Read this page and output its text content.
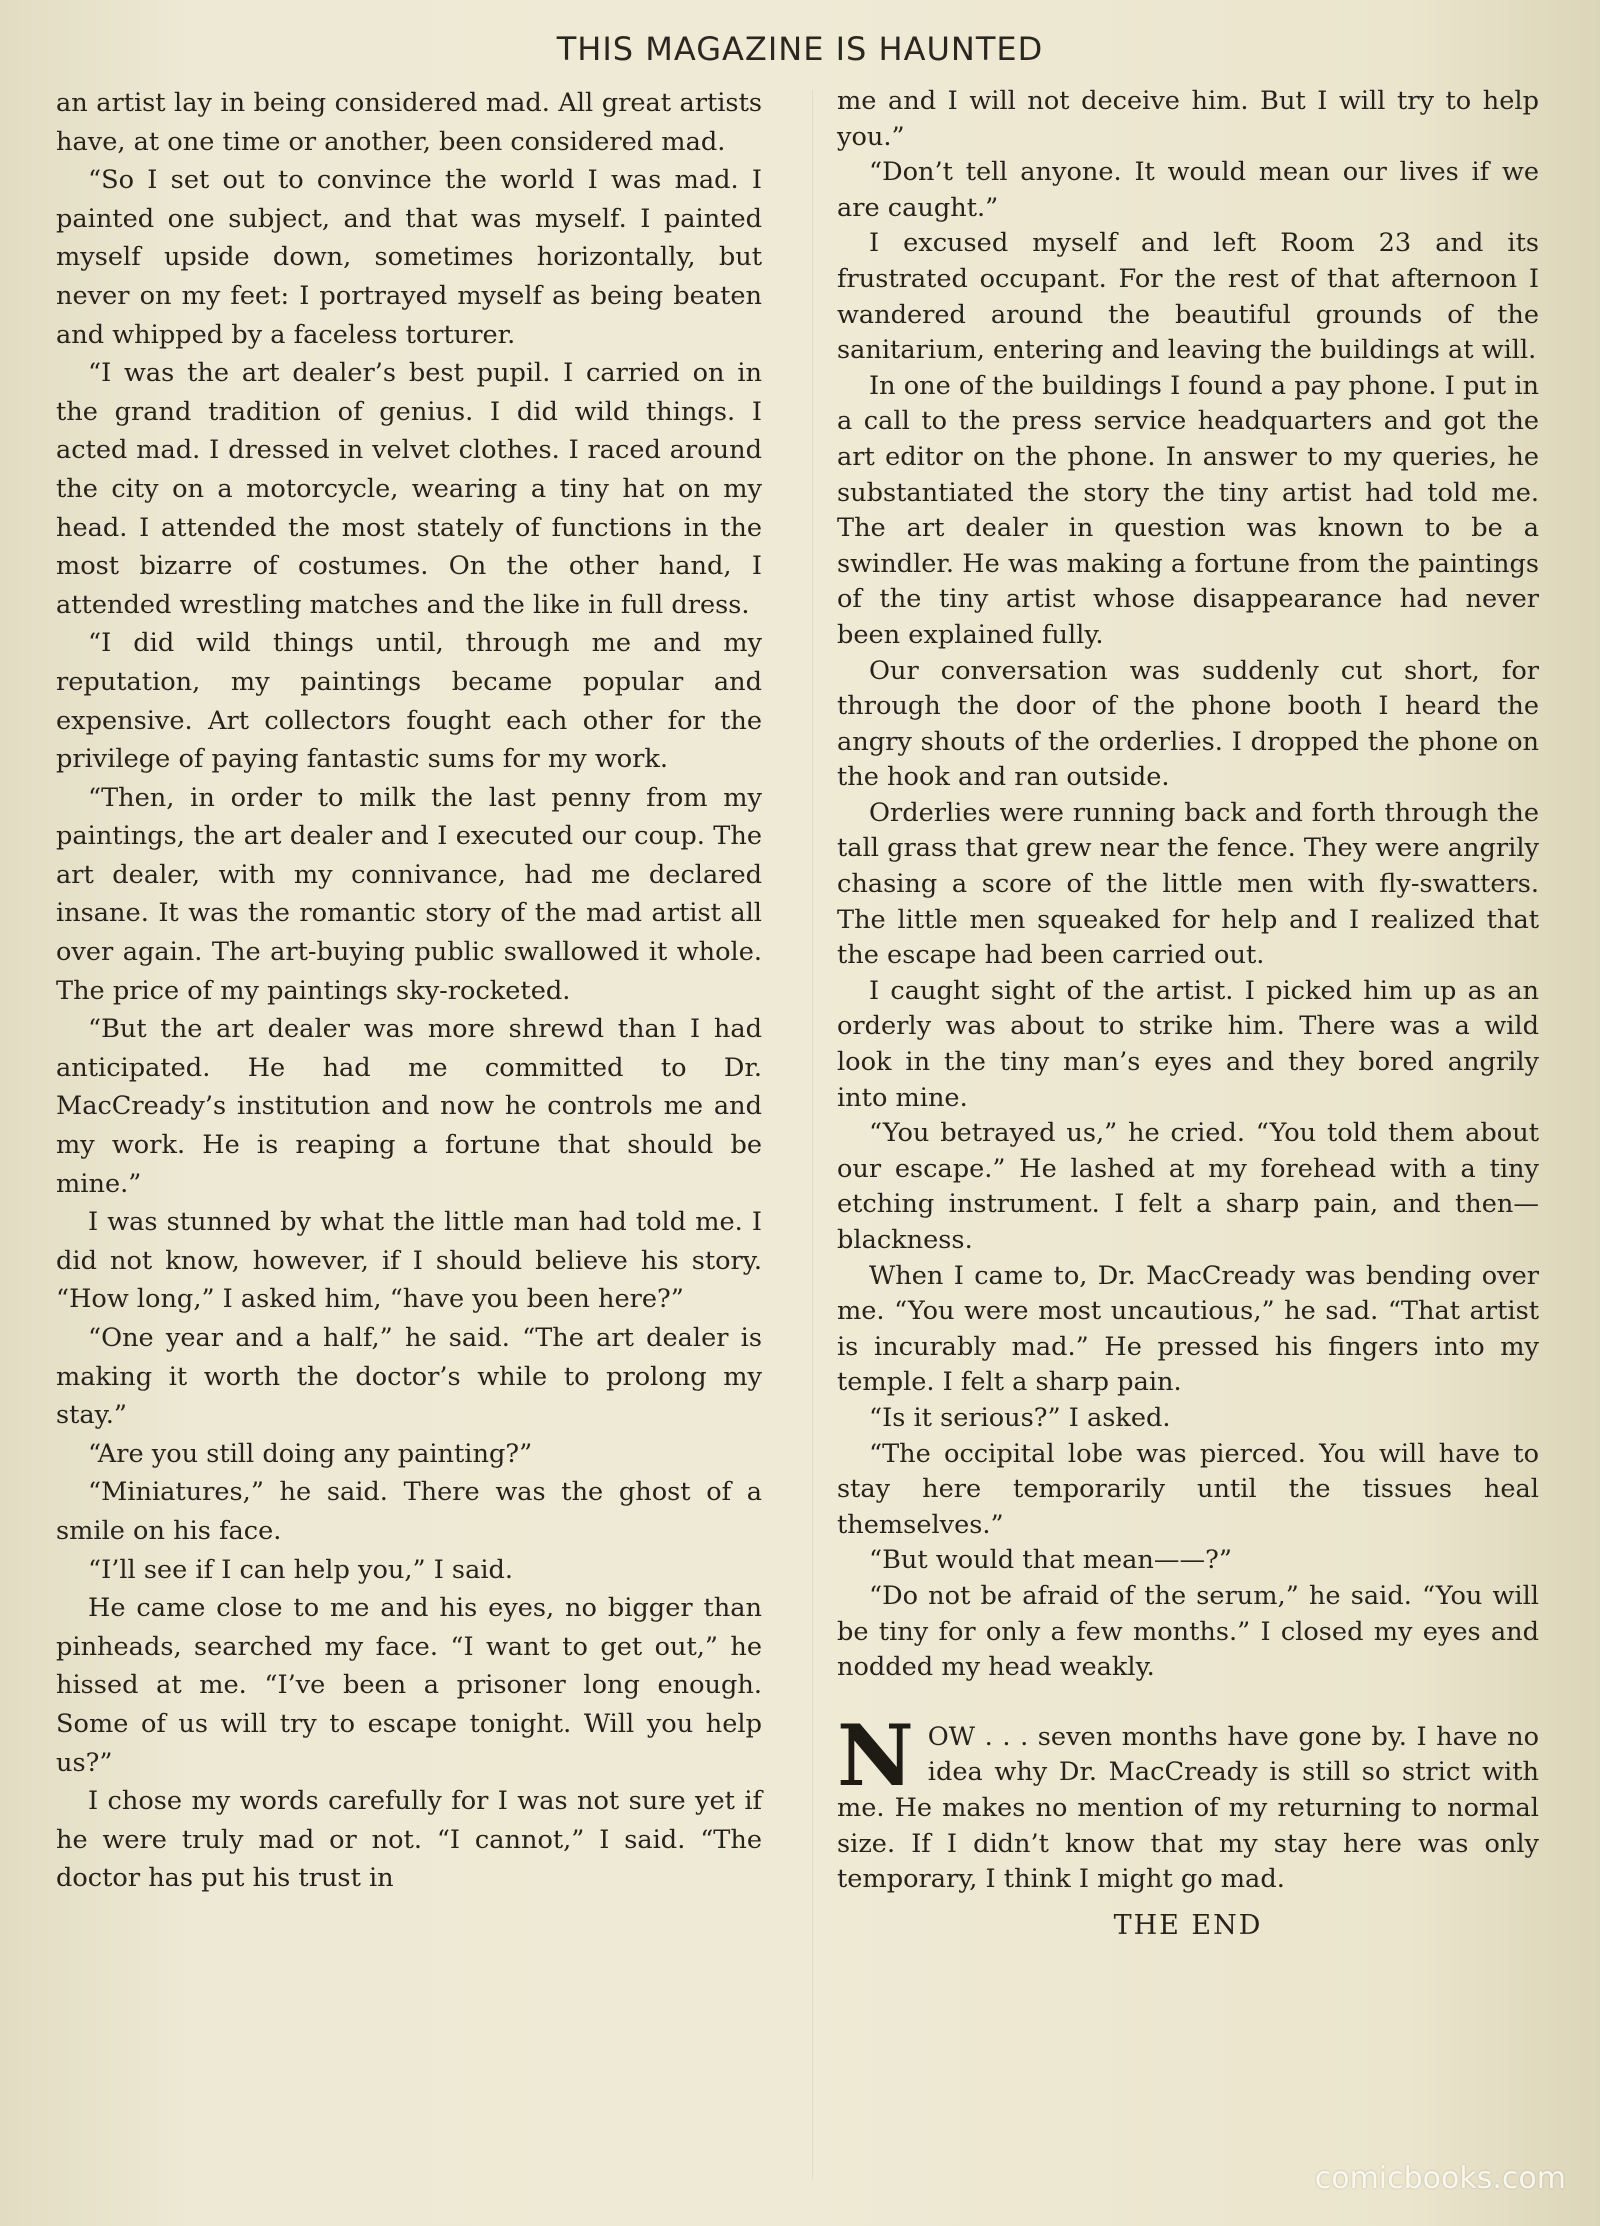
THIS MAGAZINE IS HAUNTED

an artist lay in being considered mad. All great artists have, at one time or another, been considered mad.

“So I set out to convince the world I was mad. I painted one subject, and that was myself. I painted myself upside down, sometimes horizontally, but never on my feet: I portrayed myself as being beaten and whipped by a faceless torturer.

“I was the art dealer’s best pupil. I carried on in the grand tradition of genius. I did wild things. I acted mad. I dressed in velvet clothes. I raced around the city on a motorcycle, wearing a tiny hat on my head. I attended the most stately of functions in the most bizarre of costumes. On the other hand, I attended wrestling matches and the like in full dress.

“I did wild things until, through me and my reputation, my paintings became popular and expensive. Art collectors fought each other for the privilege of paying fantastic sums for my work.

“Then, in order to milk the last penny from my paintings, the art dealer and I executed our coup. The art dealer, with my connivance, had me declared insane. It was the romantic story of the mad artist all over again. The art-buying public swallowed it whole. The price of my paintings sky-rocketed.

“But the art dealer was more shrewd than I had anticipated. He had me committed to Dr. MacCready’s institution and now he controls me and my work. He is reaping a fortune that should be mine.”

I was stunned by what the little man had told me. I did not know, however, if I should believe his story. “How long,” I asked him, “have you been here?”

“One year and a half,” he said. “The art dealer is making it worth the doctor’s while to prolong my stay.”

“Are you still doing any painting?”

“Miniatures,” he said. There was the ghost of a smile on his face.

“I’ll see if I can help you,” I said.

He came close to me and his eyes, no bigger than pinheads, searched my face. “I want to get out,” he hissed at me. “I’ve been a prisoner long enough. Some of us will try to escape tonight. Will you help us?”

I chose my words carefully for I was not sure yet if he were truly mad or not. “I cannot,” I said. “The doctor has put his trust in

me and I will not deceive him. But I will try to help you.”

“Don’t tell anyone. It would mean our lives if we are caught.”

I excused myself and left Room 23 and its frustrated occupant. For the rest of that afternoon I wandered around the beautiful grounds of the sanitarium, entering and leaving the buildings at will.

In one of the buildings I found a pay phone. I put in a call to the press service headquarters and got the art editor on the phone. In answer to my queries, he substantiated the story the tiny artist had told me. The art dealer in question was known to be a swindler. He was making a fortune from the paintings of the tiny artist whose disappearance had never been explained fully.

Our conversation was suddenly cut short, for through the door of the phone booth I heard the angry shouts of the orderlies. I dropped the phone on the hook and ran outside.

Orderlies were running back and forth through the tall grass that grew near the fence. They were angrily chasing a score of the little men with fly-swatters. The little men squeaked for help and I realized that the escape had been carried out.

I caught sight of the artist. I picked him up as an orderly was about to strike him. There was a wild look in the tiny man’s eyes and they bored angrily into mine.

“You betrayed us,” he cried. “You told them about our escape.” He lashed at my forehead with a tiny etching instrument. I felt a sharp pain, and then—blackness.

When I came to, Dr. MacCready was bending over me. “You were most uncautious,” he sad. “That artist is incurably mad.” He pressed his fingers into my temple. I felt a sharp pain.

“Is it serious?” I asked.

“The occipital lobe was pierced. You will have to stay here temporarily until the tissues heal themselves.”

“But would that mean——?”

“Do not be afraid of the serum,” he said. “You will be tiny for only a few months.” I closed my eyes and nodded my head weakly.

NOW . . . seven months have gone by. I have no idea why Dr. MacCready is still so strict with me. He makes no mention of my returning to normal size. If I didn’t know that my stay here was only temporary, I think I might go mad.

THE END
comicbooks.com
